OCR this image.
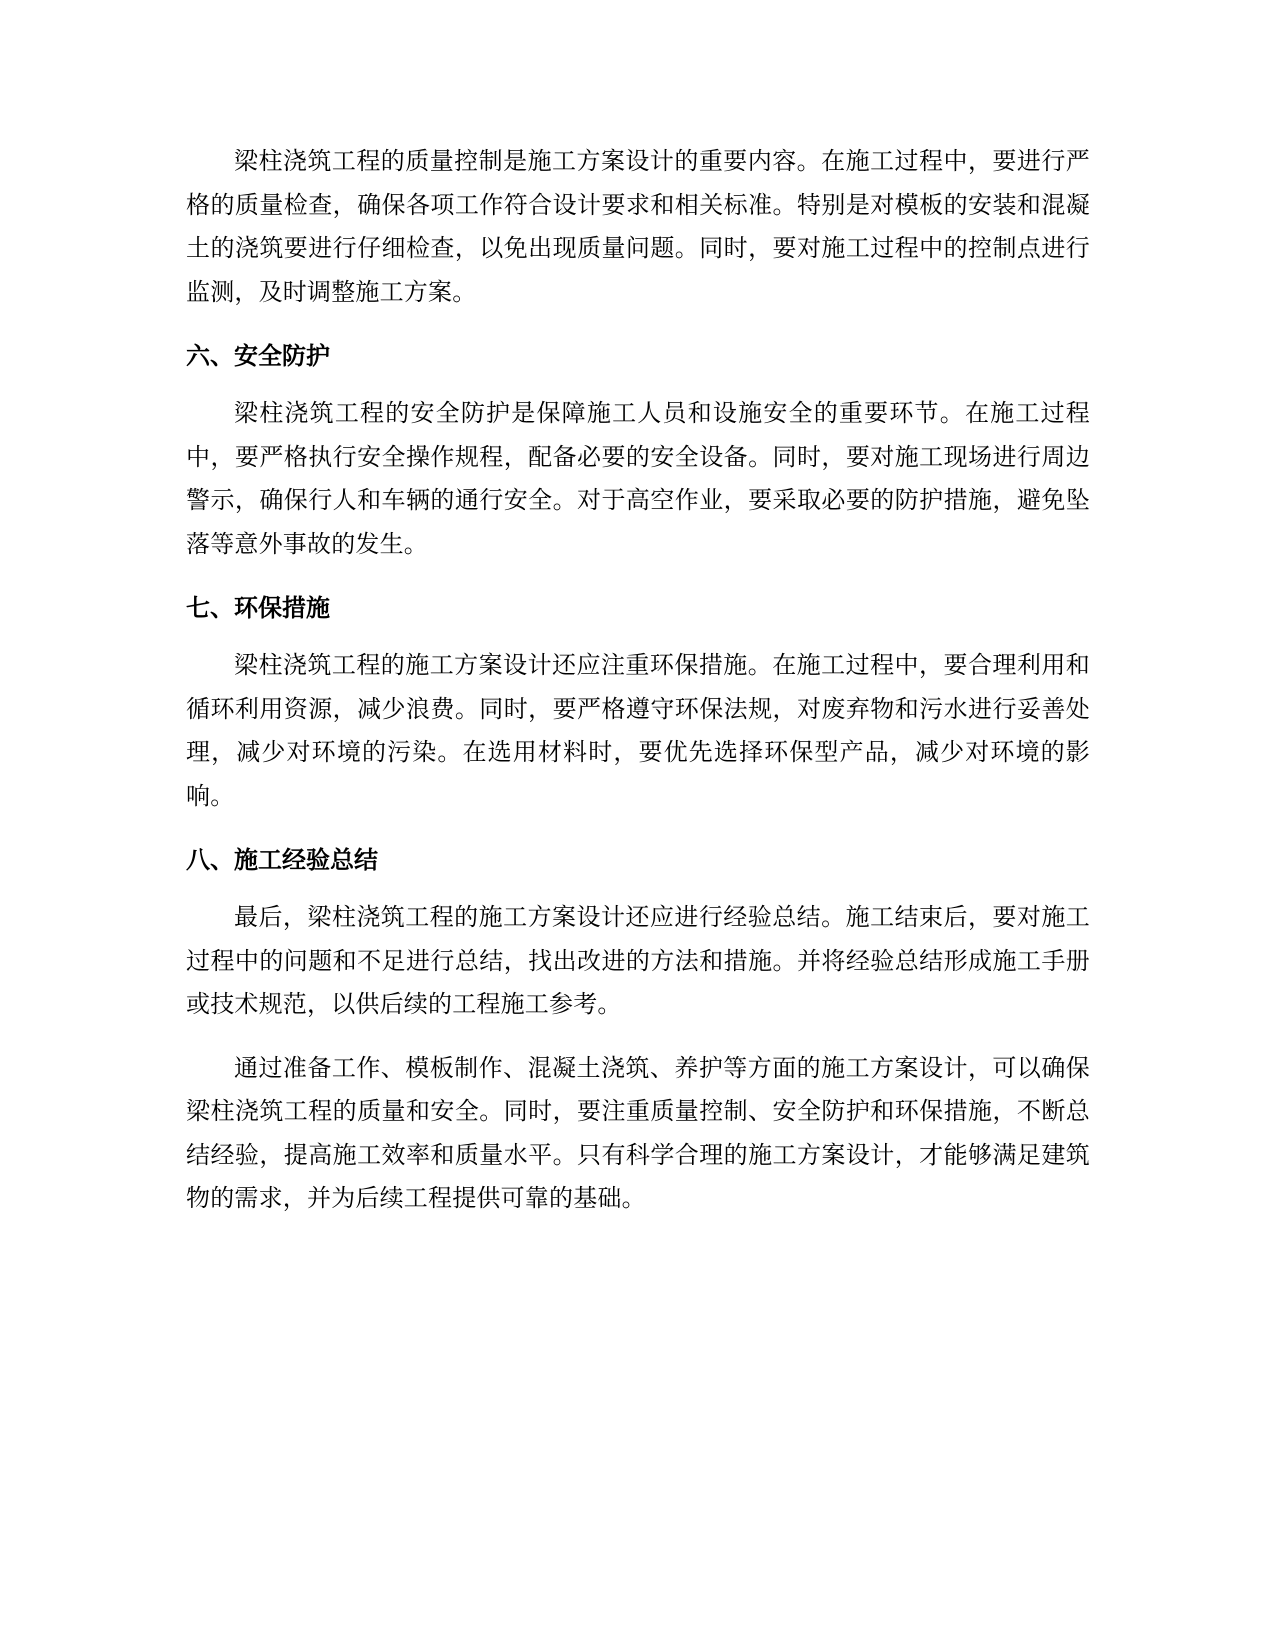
梁柱浇筑工程的质量控制是施工方案设计的重要内容。在施工过程中，要进行严格的质量检查，确保各项工作符合设计要求和相关标准。特别是对模板的安装和混凝土的浇筑要进行仔细检查，以免出现质量问题。同时，要对施工过程中的控制点进行监测，及时调整施工方案。

六、安全防护

梁柱浇筑工程的安全防护是保障施工人员和设施安全的重要环节。在施工过程中，要严格执行安全操作规程，配备必要的安全设备。同时，要对施工现场进行周边警示，确保行人和车辆的通行安全。对于高空作业，要采取必要的防护措施，避免坠落等意外事故的发生。

七、环保措施

梁柱浇筑工程的施工方案设计还应注重环保措施。在施工过程中，要合理利用和循环利用资源，减少浪费。同时，要严格遵守环保法规，对废弃物和污水进行妥善处理，减少对环境的污染。在选用材料时，要优先选择环保型产品，减少对环境的影响。

八、施工经验总结

最后，梁柱浇筑工程的施工方案设计还应进行经验总结。施工结束后，要对施工过程中的问题和不足进行总结，找出改进的方法和措施。并将经验总结形成施工手册或技术规范，以供后续的工程施工参考。

通过准备工作、模板制作、混凝土浇筑、养护等方面的施工方案设计，可以确保梁柱浇筑工程的质量和安全。同时，要注重质量控制、安全防护和环保措施，不断总结经验，提高施工效率和质量水平。只有科学合理的施工方案设计，才能够满足建筑物的需求，并为后续工程提供可靠的基础。
